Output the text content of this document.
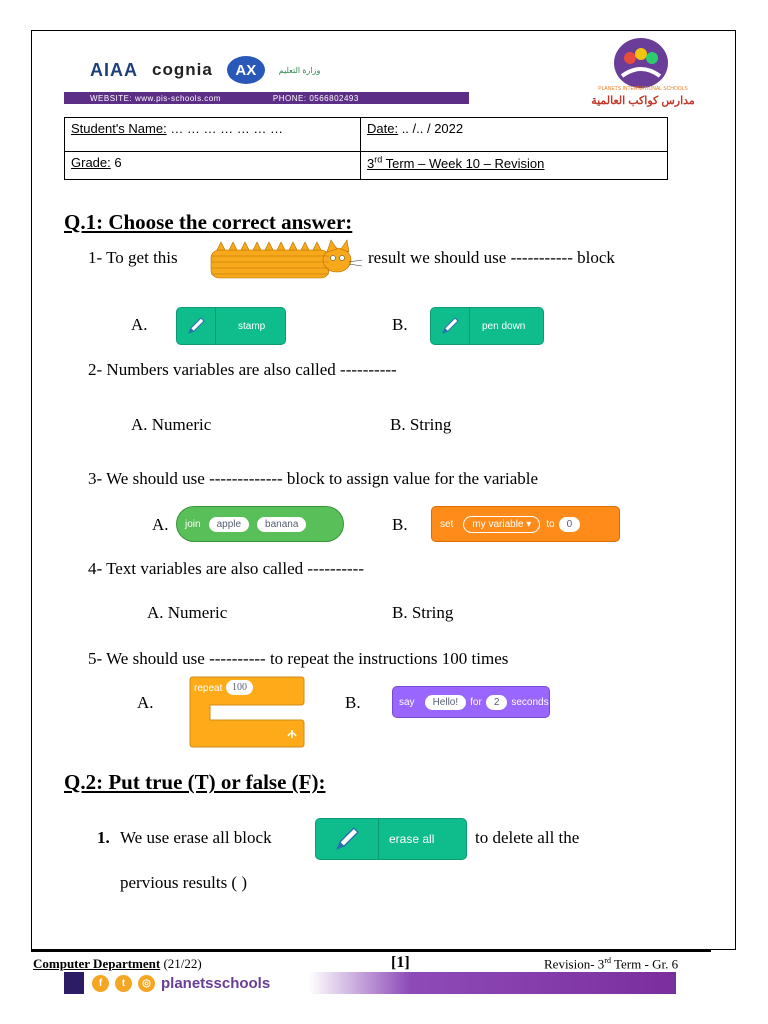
AIAA cognia	AX	وزارة التعليم
WEBSITE: www.pis-schools.com	PHONE: 0566802493
PLANETS INTERNATIONAL SCHOOLS
مدارس كواكب العالمية
Student's Name: … … … … … … …	Date: .. /.. / 2022
Grade: 6	3rd Term – Week 10 – Revision
Q.1: Choose the correct answer:
1- To get this	result we should use ----------- block
A.	stamp	B.	pen down
2- Numbers variables are also called ----------
A. Numeric	B. String
3- We should use ------------- block to assign value for the variable
A. join	apple	banana	B.	set	my variable ▾	to	0
4- Text variables are also called ----------
A. Numeric	B. String
5- We should use ---------- to repeat the instructions 100 times
A.
repeat 100
B.	say	Hello!	for	2	seconds
Q.2: Put true (T) or false (F):
1. We use erase all block	erase all to delete all the
pervious results ( )
Computer Department (21/22)	[1]	Revision- 3rd Term - Gr. 6
f	t	◎ planetsschools
